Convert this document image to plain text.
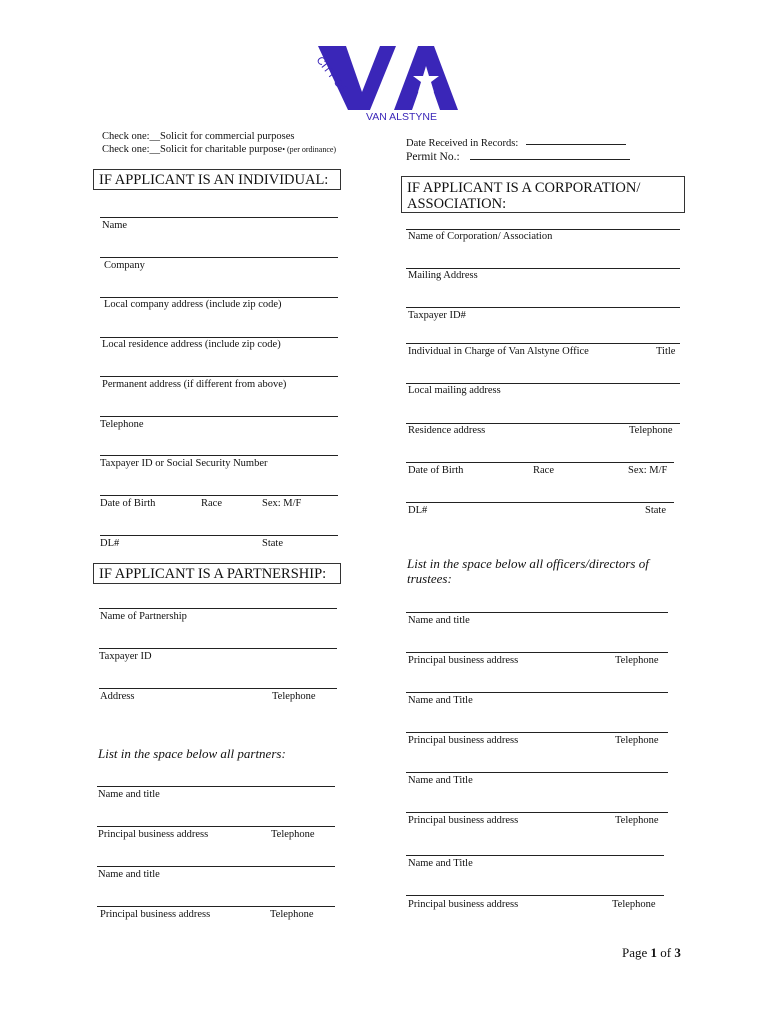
CITY OF
VAN ALSTYNE
Check one:__Solicit for commercial purposes
Check one:__Solicit for charitable purpose• (per ordinance)
Date Received in Records:
Permit No.:
IF APPLICANT IS AN INDIVIDUAL:	IF APPLICANT IS A CORPORATION/
ASSOCIATION:
Name
Company
Local company address (include zip code)
Local residence address (include zip code)
Permanent address (if different from above)
Telephone
Taxpayer ID or Social Security Number
Date of Birth	Race	Sex: M/F
DL#	State
IF APPLICANT IS A PARTNERSHIP:
Name of Partnership
Taxpayer ID
Address	Telephone
List in the space below all partners:
Name and title
Principal business address	Telephone
Name and title
Principal business address	Telephone
Name of Corporation/ Association
Mailing Address
Taxpayer ID#
Individual in Charge of Van Alstyne Office	Title
Local mailing address
Residence address	Telephone
Date of Birth	Race	Sex: M/F
DL#	State
List in the space below all officers/directors of
trustees:
Name and title
Principal business address	Telephone
Name and Title
Principal business address	Telephone
Name and Title
Principal business address	Telephone
Name and Title
Principal business address	Telephone
Page 1 of 3
